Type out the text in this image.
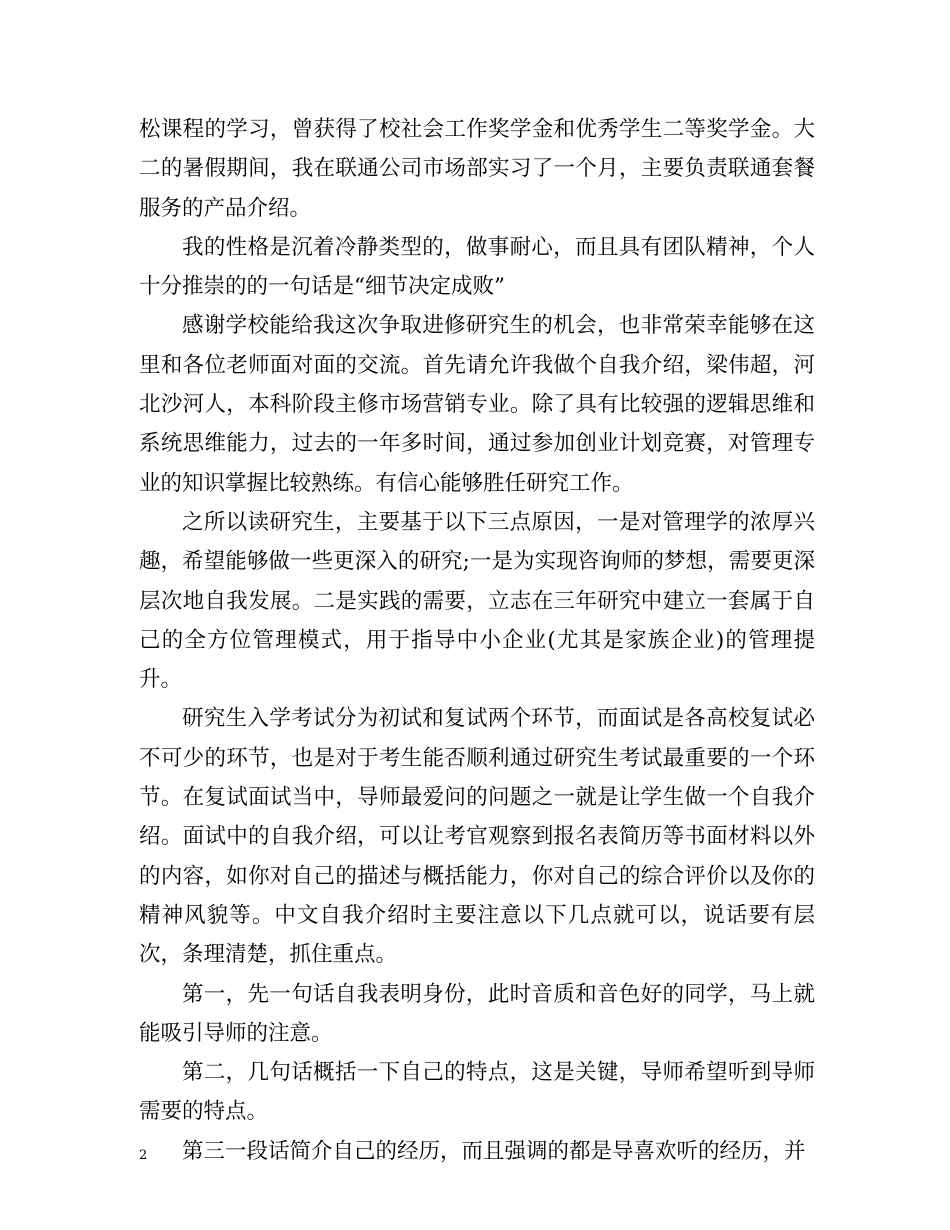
松课程的学习，曾获得了校社会工作奖学金和优秀学生二等奖学金。大二的暑假期间，我在联通公司市场部实习了一个月，主要负责联通套餐服务的产品介绍。

我的性格是沉着冷静类型的，做事耐心，而且具有团队精神，个人十分推崇的的一句话是“细节决定成败”

感谢学校能给我这次争取进修研究生的机会，也非常荣幸能够在这里和各位老师面对面的交流。首先请允许我做个自我介绍，梁伟超，河北沙河人，本科阶段主修市场营销专业。除了具有比较强的逻辑思维和系统思维能力，过去的一年多时间，通过参加创业计划竞赛，对管理专业的知识掌握比较熟练。有信心能够胜任研究工作。

之所以读研究生，主要基于以下三点原因，一是对管理学的浓厚兴趣，希望能够做一些更深入的研究;一是为实现咨询师的梦想，需要更深层次地自我发展。二是实践的需要，立志在三年研究中建立一套属于自己的全方位管理模式，用于指导中小企业(尤其是家族企业)的管理提升。

研究生入学考试分为初试和复试两个环节，而面试是各高校复试必不可少的环节，也是对于考生能否顺利通过研究生考试最重要的一个环节。在复试面试当中，导师最爱问的问题之一就是让学生做一个自我介绍。面试中的自我介绍，可以让考官观察到报名表简历等书面材料以外的内容，如你对自己的描述与概括能力，你对自己的综合评价以及你的精神风貌等。中文自我介绍时主要注意以下几点就可以，说话要有层次，条理清楚，抓住重点。

第一，先一句话自我表明身份，此时音质和音色好的同学，马上就能吸引导师的注意。

第二，几句话概括一下自己的特点，这是关键，导师希望听到导师需要的特点。

第三一段话简介自己的经历，而且强调的都是导喜欢听的经历，并

2
